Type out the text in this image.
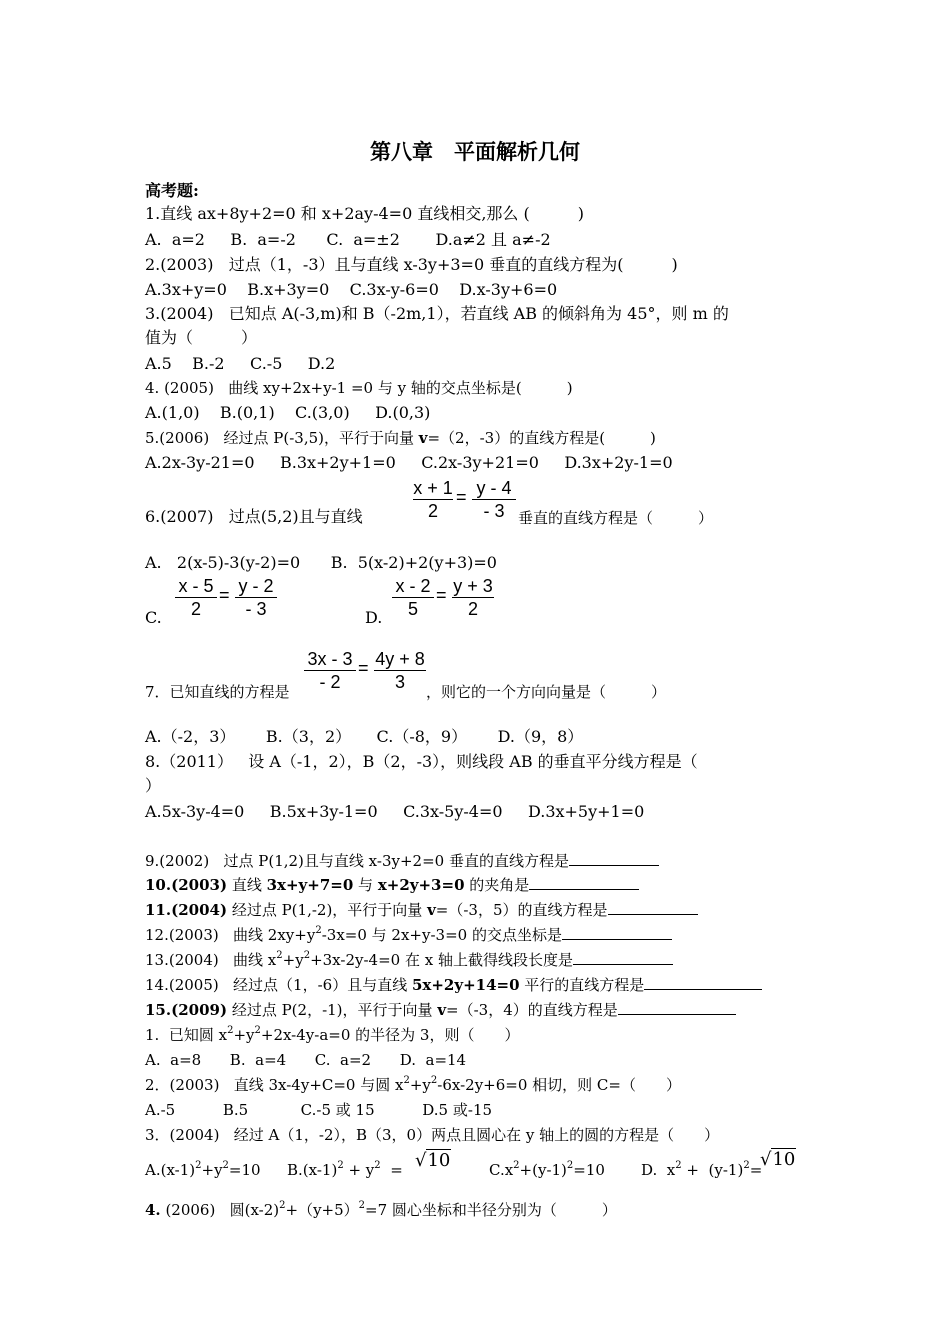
第八章　平面解析几何
高考题:
1.直线 ax+8y+2=0 和 x+2ay-4=0 直线相交,那么 (　　　)
A.  a=2     B.  a=-2      C.  a=±2       D.a≠2 且 a≠-2
2.(2003)   过点（1，-3）且与直线 x-3y+3=0 垂直的直线方程为(　　　)
A.3x+y=0    B.x+3y=0    C.3x-y-6=0    D.x-3y+6=0
3.(2004)   已知点 A(-3,m)和 B（-2m,1），若直线 AB 的倾斜角为 45°，则 m 的
值为（　　　）
A.5    B.-2     C.-5     D.2
4. (2005)   曲线 xy+2x+y-1 =0 与 y 轴的交点坐标是(　　　)
A.(1,0)    B.(0,1)    C.(3,0)     D.(0,3)
5.(2006)   经过点 P(-3,5)，平行于向量 v=（2，-3）的直线方程是(　　　)
A.2x-3y-21=0     B.3x+2y+1=0     C.2x-3y+21=0     D.3x+2y-1=0
6.(2007)   过点(5,2)且与直线
x + 1
2
= y - 4
- 3 垂直的直线方程是（　　　）
A.   2(x-5)-3(y-2)=0      B.  5(x-2)+2(y+3)=0
C.
x - 5
2
= y - 2
- 3	D.
x - 2
5
= y + 3
2
7．已知直线的方程是
3x - 3
- 2
= 4y + 8
3	，则它的一个方向向量是（　　　）
A.（-2，3）      B.（3，2）     C.（-8，9）      D.（9，8）
8.（2011）   设 A（-1，2），B（2，-3），则线段 AB 的垂直平分线方程是（
）
A.5x-3y-4=0     B.5x+3y-1=0     C.3x-5y-4=0     D.3x+5y+1=0
9.(2002)   过点 P(1,2)且与直线 x-3y+2=0 垂直的直线方程是
10.(2003) 直线 3x+y+7=0 与 x+2y+3=0 的夹角是
11.(2004) 经过点 P(1,-2)，平行于向量 v=（-3，5）的直线方程是
12.(2003)   曲线 $2xy+y^2-3x=0$ 与 2x+y-3=0 的交点坐标是
13.(2004)   曲线 $x^2+y^2+3x-2y-4=0$ 在 x 轴上截得线段长度是
14.(2005)   经过点（1，-6）且与直线 5x+2y+14=0 平行的直线方程是
15.(2009) 经过点 P(2，-1)，平行于向量 v=（-3，4）的直线方程是
1.  已知圆 $x^2+y^2+2x-4y-a=0$ 的半径为 3，则（　　）
A.  a=8      B.  a=4      C.  a=2      D.  a=14
2．(2003)   直线 3x-4y+C=0 与圆 $x^2+y^2-6x-2y+6=0$ 相切，则 C=（　　）
A.-5          B.5           C.-5 或 15          D.5 或-15
3．(2004)   经过 A（1，-2），B（3，0）两点且圆心在 y 轴上的圆的方程是（　　）
$A.(x-1)^2+y^2=10$ $B.(x-1)^2 + y^2 = √10$	$C.x^2+(y-1)^2=10$ D.  $x^2 + (y-1)^2=$
√10
4. (2006)   圆$(x-2)^2+(y+5)^2=7$ 圆心坐标和半径分别为（　　　）
